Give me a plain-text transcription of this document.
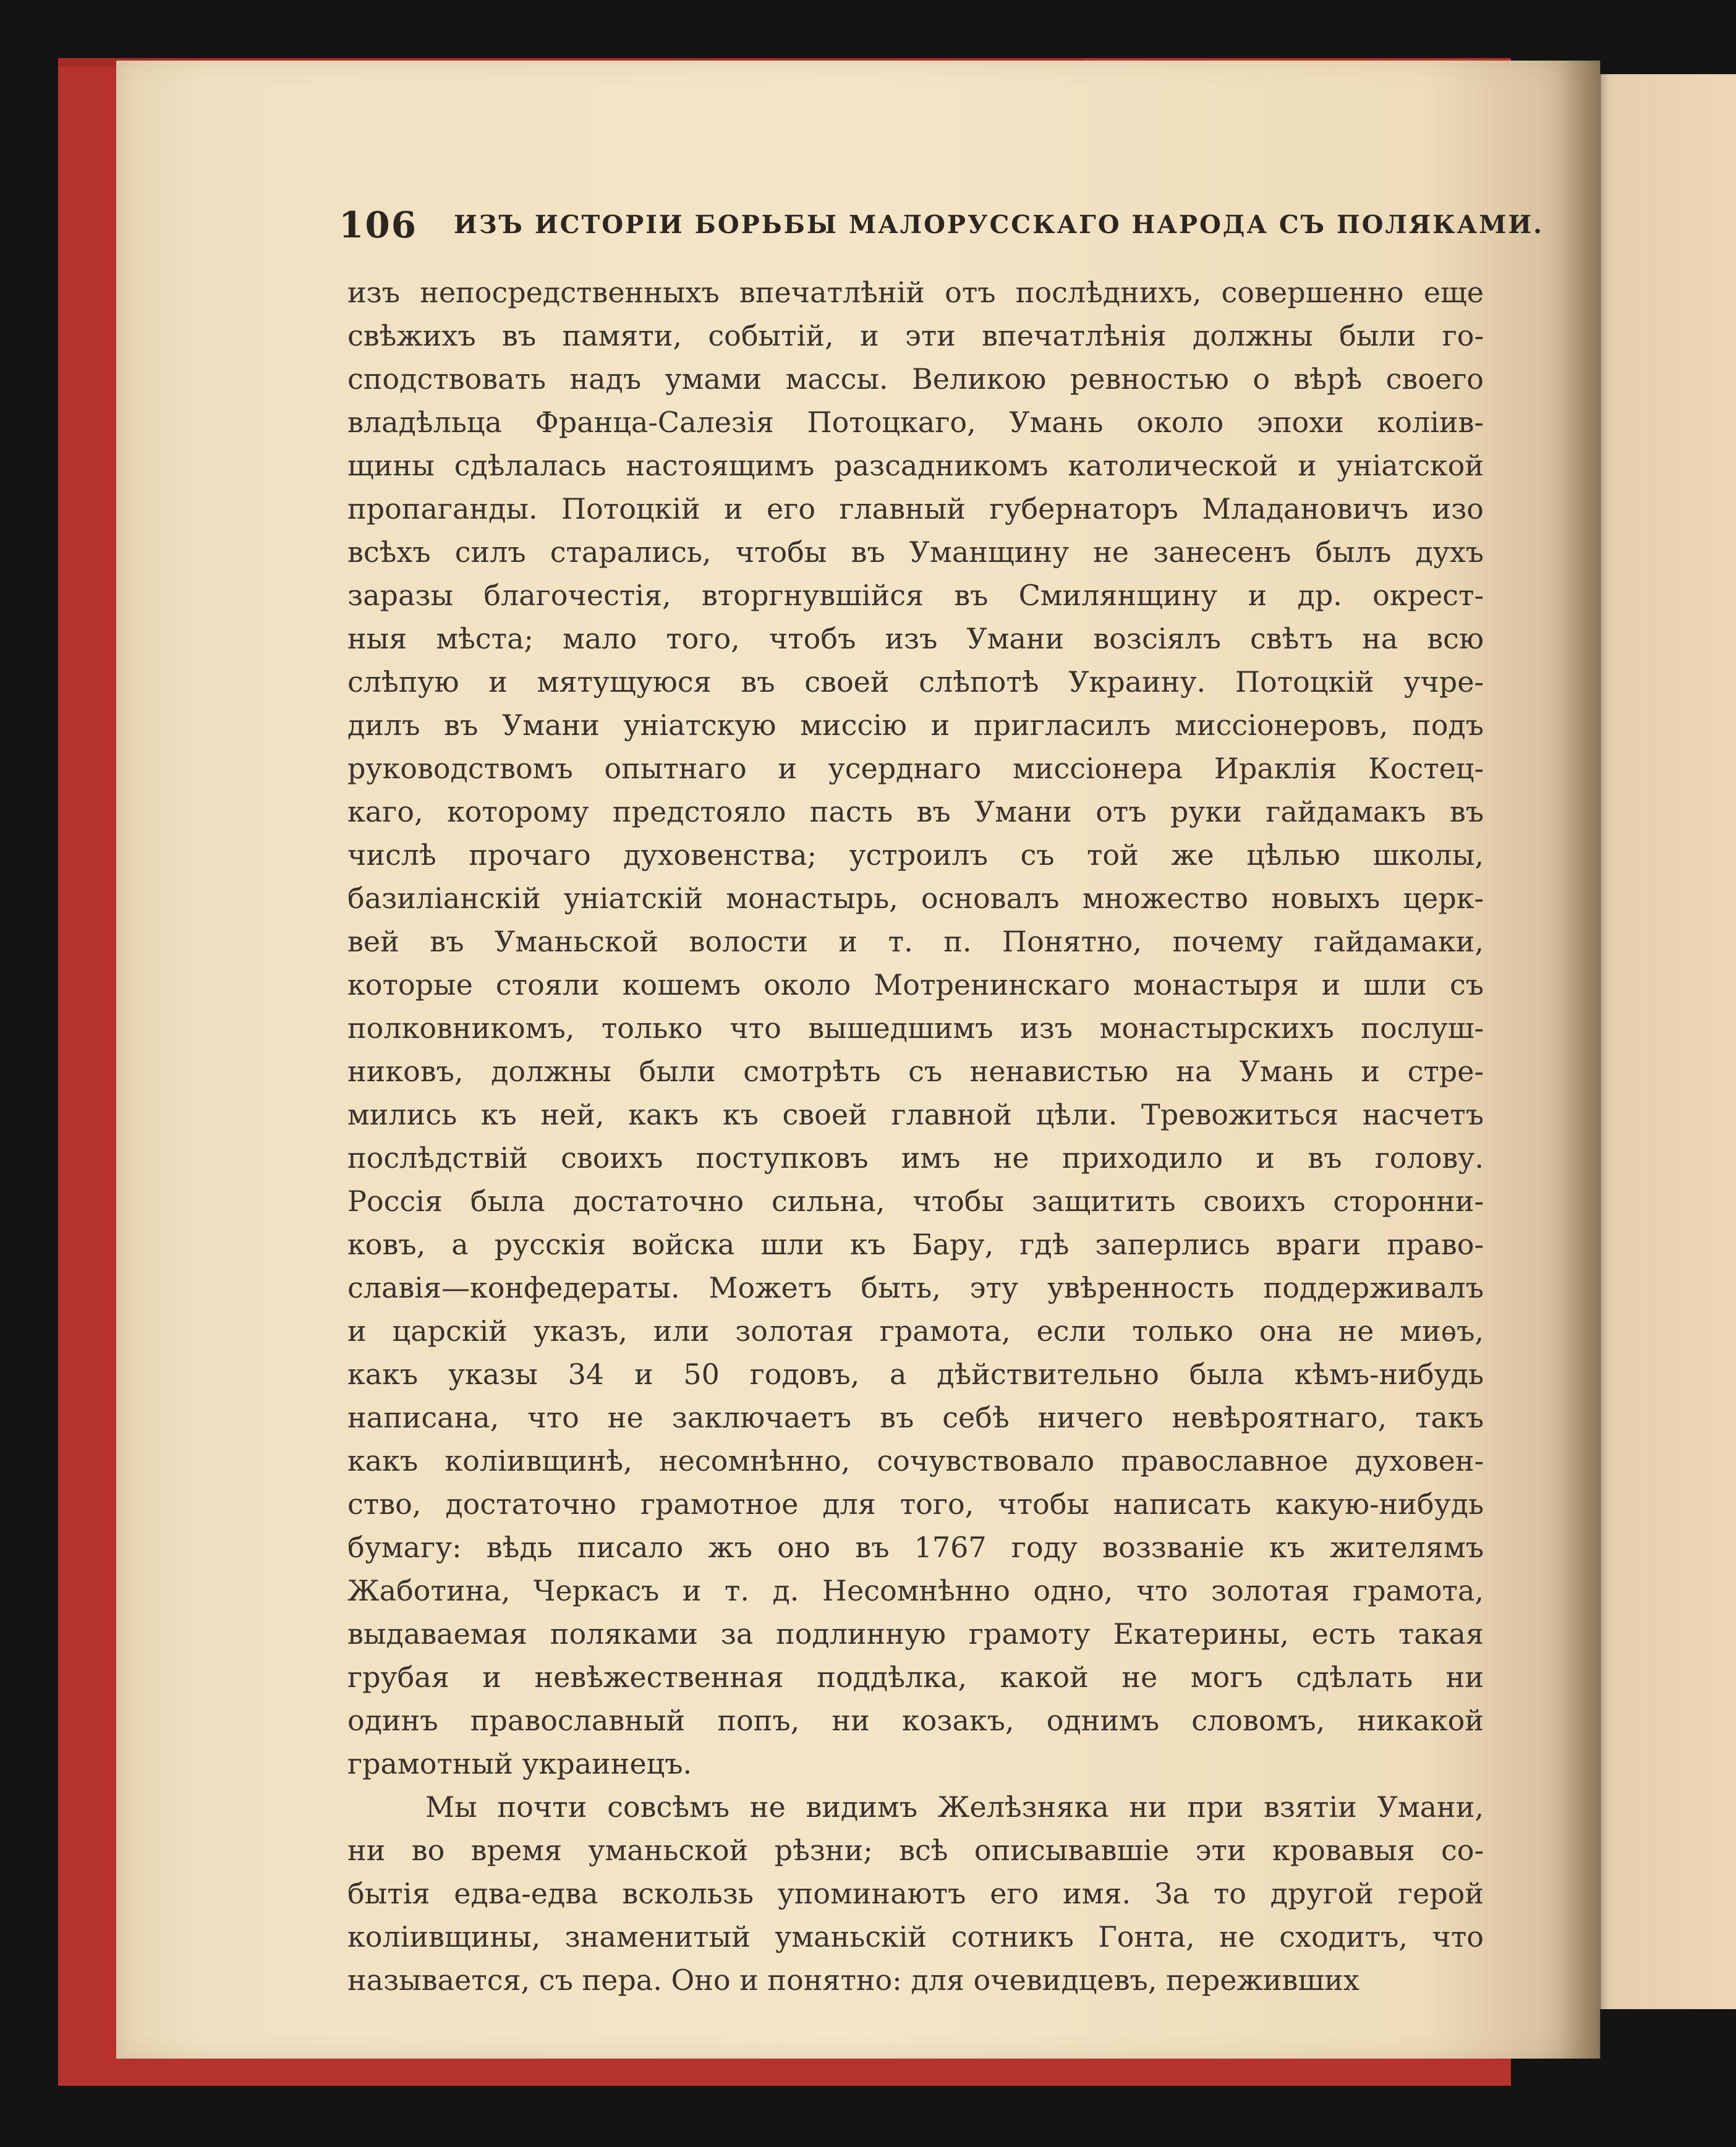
106 ИЗЪ ИСТОРІИ БОРЬБЫ МАЛОРУССКАГО НАРОДА СЪ ПОЛЯКАМИ.
изъ непосредственныхъ впечатлѣній отъ послѣднихъ, совершенно еще
свѣжихъ въ памяти, событій, и эти впечатлѣнія должны были го-
сподствовать надъ умами массы. Великою ревностью о вѣрѣ своего
владѣльца Франца-Салезія Потоцкаго, Умань около эпохи коліив-
щины сдѣлалась настоящимъ разсадникомъ католической и уніатской
пропаганды. Потоцкій и его главный губернаторъ Младановичъ изо
всѣхъ силъ старались, чтобы въ Уманщину не занесенъ былъ духъ
заразы благочестія, вторгнувшійся въ Смилянщину и др. окрест-
ныя мѣста; мало того, чтобъ изъ Умани возсіялъ свѣтъ на всю
слѣпую и мятущуюся въ своей слѣпотѣ Украину. Потоцкій учре-
дилъ въ Умани уніатскую миссію и пригласилъ миссіонеровъ, подъ
руководствомъ опытнаго и усерднаго миссіонера Ираклія Костец-
каго, которому предстояло пасть въ Умани отъ руки гайдамакъ въ
числѣ прочаго духовенства; устроилъ съ той же цѣлью школы,
базиліанскій уніатскій монастырь, основалъ множество новыхъ церк-
вей въ Уманьской волости и т. п. Понятно, почему гайдамаки,
которые стояли кошемъ около Мотренинскаго монастыря и шли съ
полковникомъ, только что вышедшимъ изъ монастырскихъ послуш-
никовъ, должны были смотрѣть съ ненавистью на Умань и стре-
мились къ ней, какъ къ своей главной цѣли. Тревожиться насчетъ
послѣдствій своихъ поступковъ имъ не приходило и въ голову.
Россія была достаточно сильна, чтобы защитить своихъ сторонни-
ковъ, а русскія войска шли къ Бару, гдѣ заперлись враги право-
славія—конфедераты. Можетъ быть, эту увѣренность поддерживалъ
и царскій указъ, или золотая грамота, если только она не миѳъ,
какъ указы 34 и 50 годовъ, а дѣйствительно была кѣмъ-нибудь
написана, что не заключаетъ въ себѣ ничего невѣроятнаго, такъ
какъ коліивщинѣ, несомнѣнно, сочувствовало православное духовен-
ство, достаточно грамотное для того, чтобы написать какую-нибудь
бумагу: вѣдь писало жъ оно въ 1767 году воззваніе къ жителямъ
Жаботина, Черкасъ и т. д. Несомнѣнно одно, что золотая грамота,
выдаваемая поляками за подлинную грамоту Екатерины, есть такая
грубая и невѣжественная поддѣлка, какой не могъ сдѣлать ни
одинъ православный попъ, ни козакъ, однимъ словомъ, никакой
грамотный украинецъ.
Мы почти совсѣмъ не видимъ Желѣзняка ни при взятіи Умани,
ни во время уманьской рѣзни; всѣ описывавшіе эти кровавыя со-
бытія едва-едва вскользь упоминаютъ его имя. За то другой герой
коліивщины, знаменитый уманьскій сотникъ Гонта, не сходитъ, что
называется, съ пера. Оно и понятно: для очевидцевъ, переживших
